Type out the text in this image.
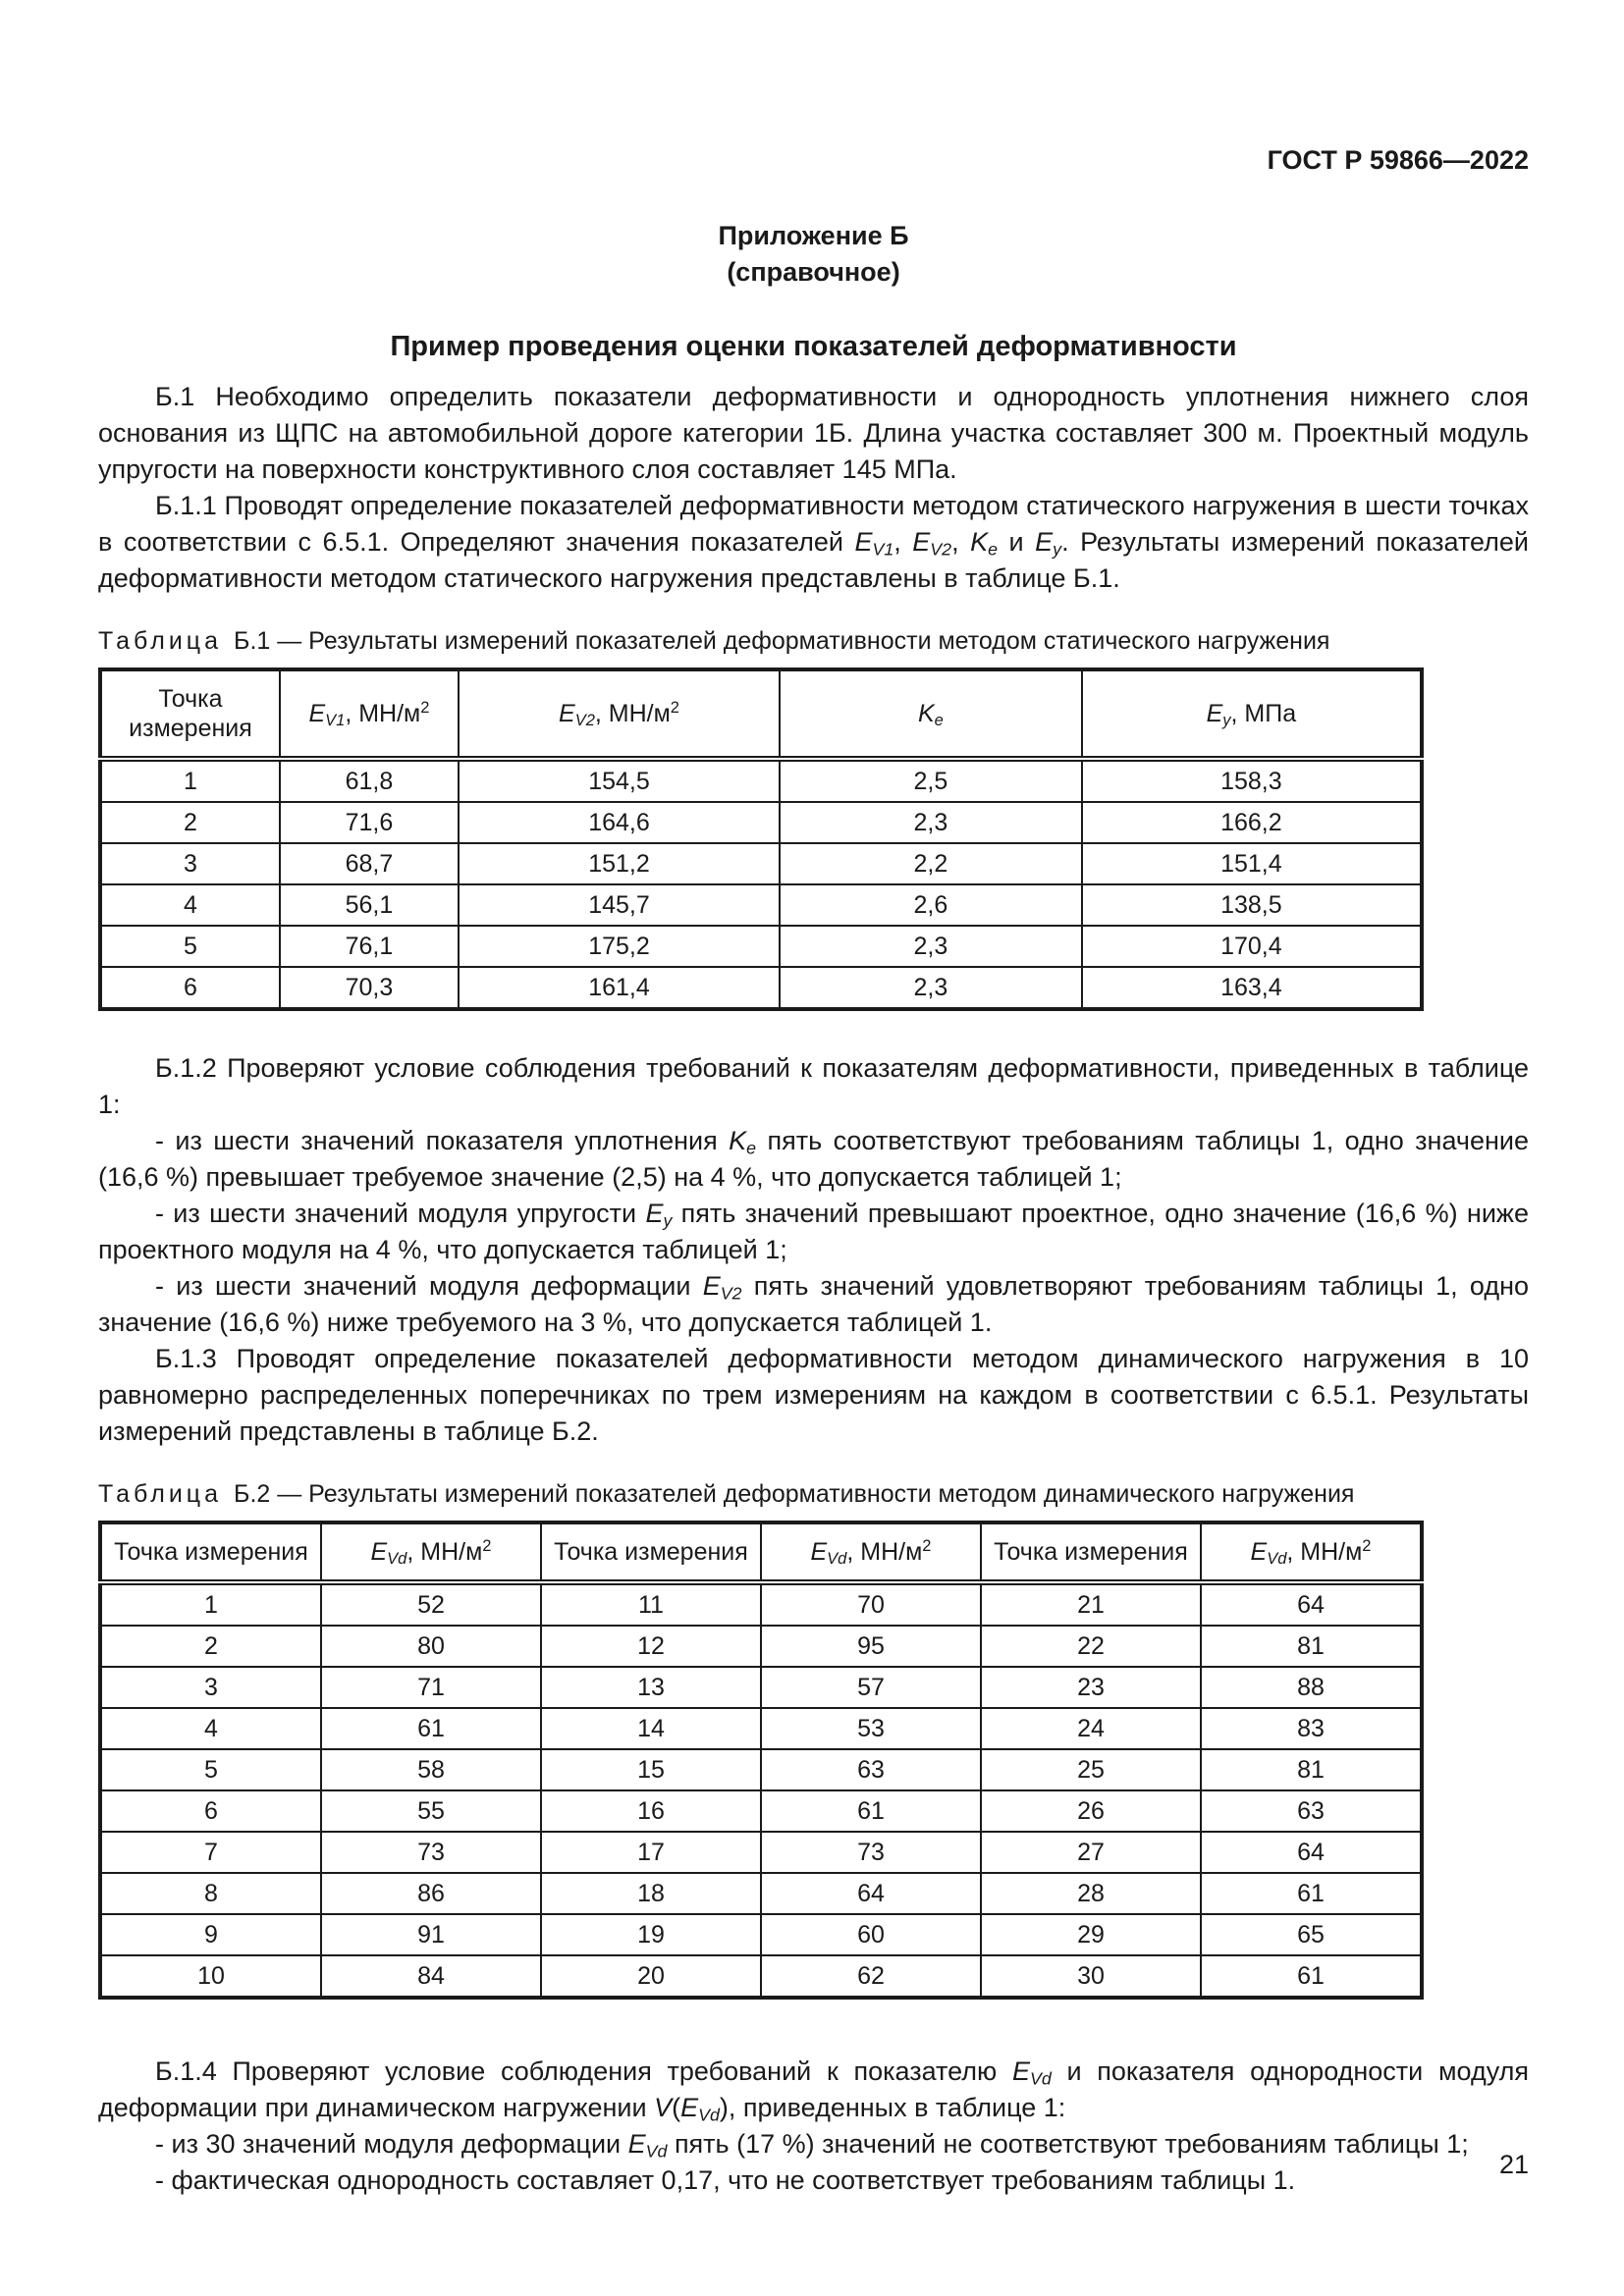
ГОСТ Р 59866—2022
Приложение Б
(справочное)
Пример проведения оценки показателей деформативности

Б.1 Необходимо определить показатели деформативности и однородность уплотнения нижнего слоя основания из ЩПС на автомобильной дороге категории 1Б. Длина участка составляет 300 м. Проектный модуль упругости на поверхности конструктивного слоя составляет 145 МПа.

Б.1.1 Проводят определение показателей деформативности методом статического нагружения в шести точках в соответствии с 6.5.1. Определяют значения показателей $E_{V1}$, $E_{V2}$, $K_e$ и $E_y$. Результаты измерений показателей деформативности методом статического нагружения представлены в таблице Б.1.

Таблица Б.1 — Результаты измерений показателей деформативности методом статического нагружения

Точка измерения	$E_{V1}$, $МН/м^2$	$E_{V2}$, $МН/м^2$	$K_e$	$E_y$, МПа
1	61,8	154,5	2,5	158,3
2	71,6	164,6	2,3	166,2
3	68,7	151,2	2,2	151,4
4	56,1	145,7	2,6	138,5
5	76,1	175,2	2,3	170,4
6	70,3	161,4	2,3	163,4

Б.1.2 Проверяют условие соблюдения требований к показателям деформативности, приведенных в таблице 1:

- из шести значений показателя уплотнения $K_e$ пять соответствуют требованиям таблицы 1, одно значение (16,6 %) превышает требуемое значение (2,5) на 4 %, что допускается таблицей 1;

- из шести значений модуля упругости $E_y$ пять значений превышают проектное, одно значение (16,6 %) ниже проектного модуля на 4 %, что допускается таблицей 1;

- из шести значений модуля деформации $E_{V2}$ пять значений удовлетворяют требованиям таблицы 1, одно значение (16,6 %) ниже требуемого на 3 %, что допускается таблицей 1.

Б.1.3 Проводят определение показателей деформативности методом динамического нагружения в 10 равномерно распределенных поперечниках по трем измерениям на каждом в соответствии с 6.5.1. Результаты измерений представлены в таблице Б.2.

Таблица Б.2 — Результаты измерений показателей деформативности методом динамического нагружения

Точка измерения	$E_{Vd}$, $МН/м^2$	Точка измерения	$E_{Vd}$, $МН/м^2$	Точка измерения	$E_{Vd}$, $МН/м^2$
1	52	11	70	21	64
2	80	12	95	22	81
3	71	13	57	23	88
4	61	14	53	24	83
5	58	15	63	25	81
6	55	16	61	26	63
7	73	17	73	27	64
8	86	18	64	28	61
9	91	19	60	29	65
10	84	20	62	30	61

Б.1.4 Проверяют условие соблюдения требований к показателю $E_{Vd}$ и показателя однородности модуля деформации при динамическом нагружении $V(E_{Vd})$, приведенных в таблице 1:

- из 30 значений модуля деформации $E_{Vd}$ пять (17 %) значений не соответствуют требованиям таблицы 1;

- фактическая однородность составляет 0,17, что не соответствует требованиям таблицы 1.

21
